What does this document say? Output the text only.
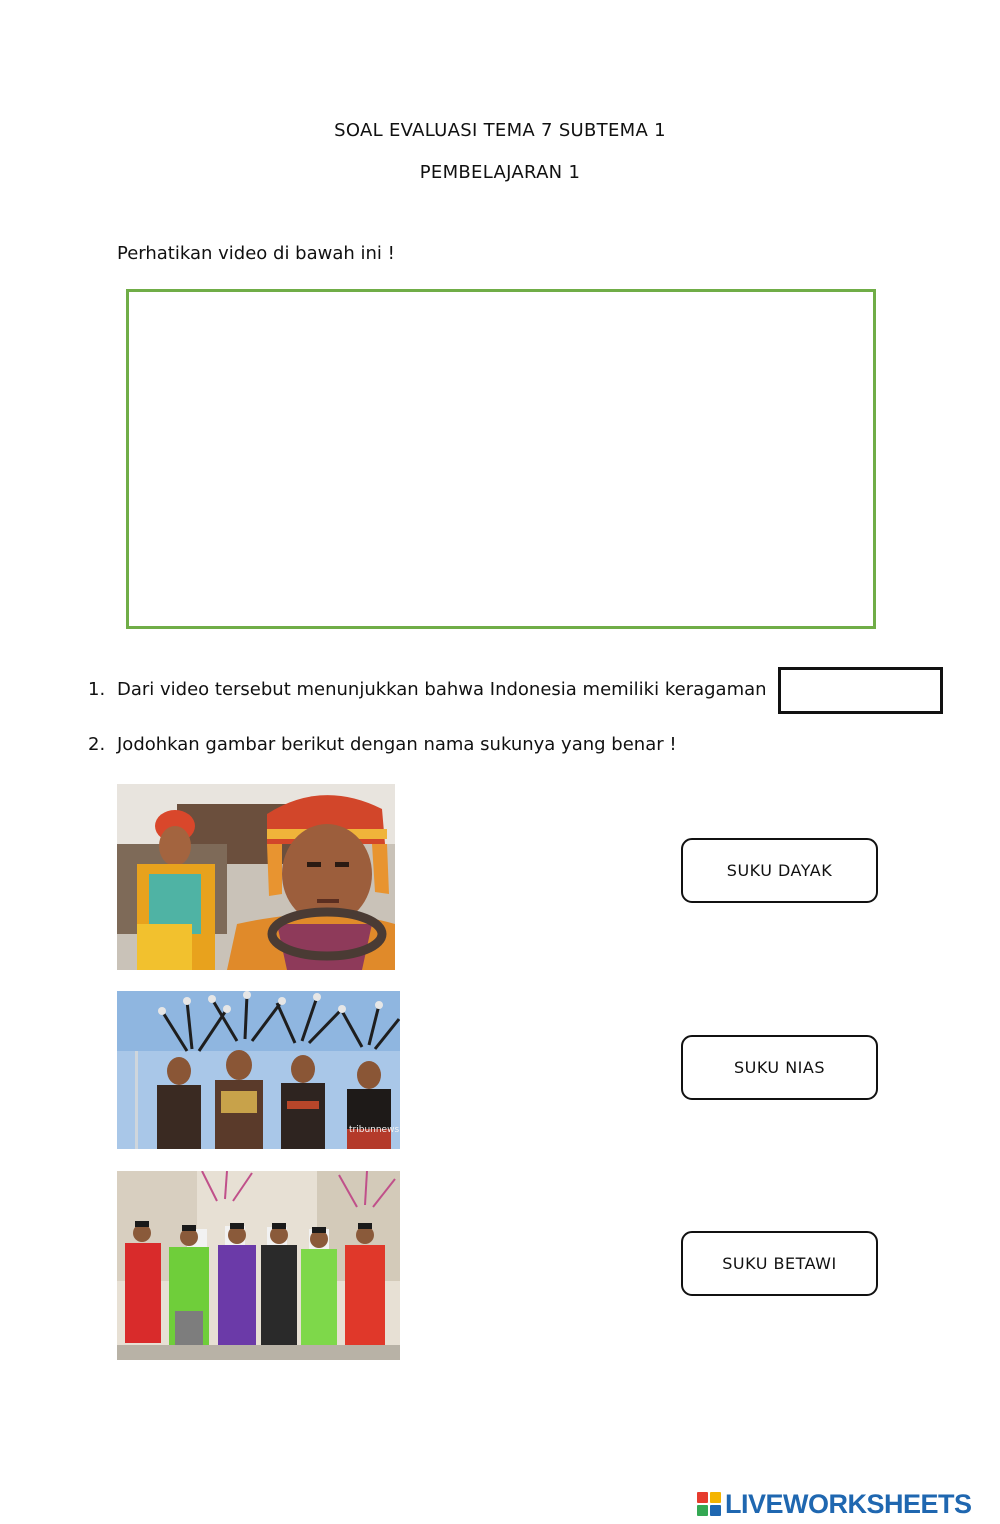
SOAL EVALUASI TEMA 7 SUBTEMA 1
PEMBELAJARAN 1
Perhatikan video di bawah ini !
1. Dari video tersebut menunjukkan bahwa Indonesia memiliki keragaman
2. Jodohkan gambar berikut dengan nama sukunya yang benar !
tribunnews
SUKU DAYAK
SUKU NIAS
SUKU BETAWI
LIVEWORKSHEETS
